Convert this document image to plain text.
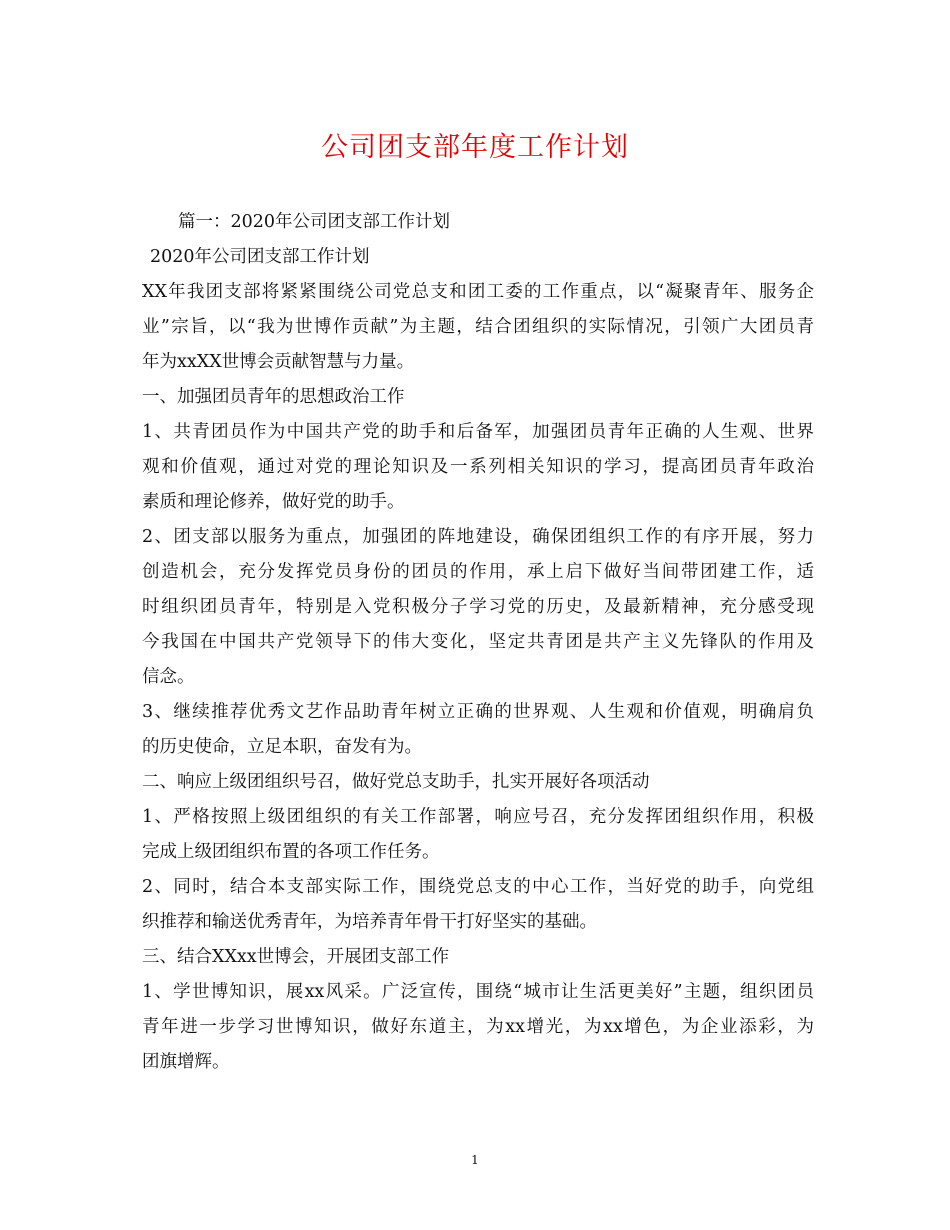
公司团支部年度工作计划
篇一：2020年公司团支部工作计划
2020年公司团支部工作计划
XX年我团支部将紧紧围绕公司党总支和团工委的工作重点，以“凝聚青年、服务企
业”宗旨，以“我为世博作贡献”为主题，结合团组织的实际情况，引领广大团员青
年为xxXX世博会贡献智慧与力量。
一、加强团员青年的思想政治工作
1、共青团员作为中国共产党的助手和后备军，加强团员青年正确的人生观、世界
观和价值观，通过对党的理论知识及一系列相关知识的学习，提高团员青年政治
素质和理论修养，做好党的助手。
2、团支部以服务为重点，加强团的阵地建设，确保团组织工作的有序开展，努力
创造机会，充分发挥党员身份的团员的作用，承上启下做好当间带团建工作，适
时组织团员青年，特别是入党积极分子学习党的历史，及最新精神，充分感受现
今我国在中国共产党领导下的伟大变化，坚定共青团是共产主义先锋队的作用及
信念。
3、继续推荐优秀文艺作品助青年树立正确的世界观、人生观和价值观，明确肩负
的历史使命，立足本职，奋发有为。
二、响应上级团组织号召，做好党总支助手，扎实开展好各项活动
1、严格按照上级团组织的有关工作部署，响应号召，充分发挥团组织作用，积极
完成上级团组织布置的各项工作任务。
2、同时，结合本支部实际工作，围绕党总支的中心工作，当好党的助手，向党组
织推荐和输送优秀青年，为培养青年骨干打好坚实的基础。
三、结合XXxx世博会，开展团支部工作
1、学世博知识，展xx风采。广泛宣传，围绕“城市让生活更美好”主题，组织团员
青年进一步学习世博知识，做好东道主，为xx增光，为xx增色，为企业添彩，为
团旗增辉。
1
